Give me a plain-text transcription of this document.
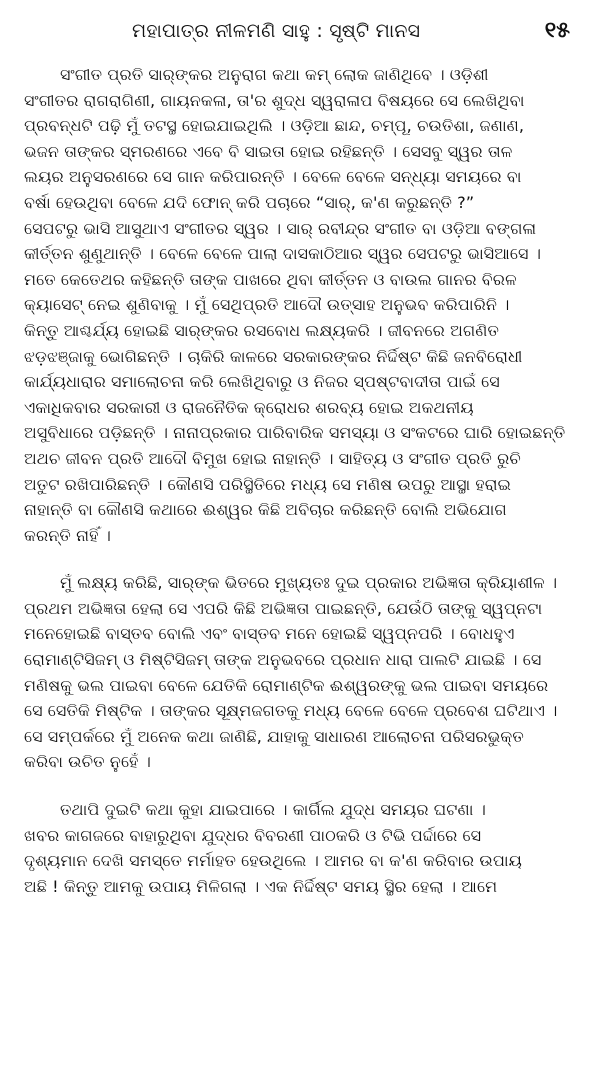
ମହାପାତ୍ର ନୀଳମଣି ସାହୁ : ସୃଷ୍ଟି ମାନସ	୧୫

ସଂଗୀତ ପ୍ରତି ସାର୍‌ଙ୍କର ଅନୁରାଗ କଥା କମ୍ ଲୋକ ଜାଣିଥିବେ । ଓଡ଼ିଶୀ
ସଂଗୀତର ରାଗରାଗିଣୀ, ଗାୟନକଳା, ତା'ର ଶୁଦ୍ଧ ସ୍ୱରାଳାପ ବିଷୟରେ ସେ ଲେଖିଥିବା
ପ୍ରବନ୍ଧଟି ପଢ଼ି ମୁଁ ତଟସ୍ଥ ହୋଇଯାଇଥିଲି । ଓଡ଼ିଆ ଛାନ୍ଦ, ଚମ୍ପୂ, ଚଉତିଶା, ଜଣାଣ,
ଭଜନ ତାଙ୍କର ସ୍ମରଣରେ ଏବେ ବି ସାଇତା ହୋଇ ରହିଛନ୍ତି । ସେସବୁ ସ୍ୱର ତାଳ
ଲୟର ଅନୁସରଣରେ ସେ ଗାନ କରିପାରନ୍ତି । ବେଳେ ବେଳେ ସନ୍ଧ୍ୟା ସମୟରେ ବା
ବର୍ଷା ହେଉଥିବା ବେଳେ ଯଦି ଫୋନ୍ କରି ପଚାରେ “ସାର୍, କ'ଣ କରୁଛନ୍ତି ?”
ସେପଟରୁ ଭାସି ଆସୁଥାଏ ସଂଗୀତର ସ୍ୱର । ସାର୍ ରବୀନ୍ଦ୍ର ସଂଗୀତ ବା ଓଡ଼ିଆ ବଙ୍ଗଳା
କୀର୍ତ୍ତନ ଶୁଣୁଥାନ୍ତି । ବେଳେ ବେଳେ ପାଲା ଦାସକାଠିଆର ସ୍ୱର ସେପଟରୁ ଭାସିଆସେ ।
ମତେ କେତେଥର କହିଛନ୍ତି ତାଙ୍କ ପାଖରେ ଥିବା କୀର୍ତ୍ତନ ଓ ବାଉଲ ଗାନର ବିରଳ
କ୍ୟାସେଟ୍ ନେଇ ଶୁଣିବାକୁ । ମୁଁ ସେଥିପ୍ରତି ଆଦୌ ଉତ୍ସାହ ଅନୁଭବ କରିପାରିନି ।
କିନ୍ତୁ ଆଶ୍ଚର୍ଯ୍ୟ ହୋଇଛି ସାର୍‌ଙ୍କର ରସବୋଧ ଲକ୍ଷ୍ୟକରି । ଜୀବନରେ ଅଗଣିତ
ଝଡ଼ଝଞ୍ଜାକୁ ଭୋଗିଛନ୍ତି । ଚାକିରି କାଳରେ ସରକାରଙ୍କର ନିର୍ଦ୍ଦିଷ୍ଟ କିଛି ଜନବିରୋଧୀ
କାର୍ଯ୍ୟଧାରାର ସମାଲୋଚନା କରି ଲେଖିଥିବାରୁ ଓ ନିଜର ସ୍ପଷ୍ଟବାଦୀତା ପାଇଁ ସେ
ଏକାଧିକବାର ସରକାରୀ ଓ ରାଜନୈତିକ କ୍ରୋଧର ଶରବ୍ୟ ହୋଇ ଅକଥନୀୟ
ଅସୁବିଧାରେ ପଡ଼ିଛନ୍ତି । ନାନାପ୍ରକାର ପାରିବାରିକ ସମସ୍ୟା ଓ ସଂକଟରେ ଘାରି ହୋଇଛନ୍ତି
ଅଥଚ ଜୀବନ ପ୍ରତି ଆଦୌ ବିମୁଖ ହୋଇ ନାହାନ୍ତି । ସାହିତ୍ୟ ଓ ସଂଗୀତ ପ୍ରତି ରୁଚି
ଅତୁଟ ରଖିପାରିଛନ୍ତି । କୌଣସି ପରିସ୍ଥିତିରେ ମଧ୍ୟ ସେ ମଣିଷ ଉପରୁ ଆସ୍ଥା ହରାଇ
ନାହାନ୍ତି ବା କୌଣସି କଥାରେ ଈଶ୍ୱର କିଛି ଅବିଚାର କରିଛନ୍ତି ବୋଲି ଅଭିଯୋଗ
କରନ୍ତି ନାହିଁ ।

ମୁଁ ଲକ୍ଷ୍ୟ କରିଛି, ସାର୍‌ଙ୍କ ଭିତରେ ମୁଖ୍ୟତଃ ଦୁଇ ପ୍ରକାର ଅଭିଜ୍ଞତା କ୍ରିୟାଶୀଳ ।
ପ୍ରଥମ ଅଭିଜ୍ଞତା ହେଲା ସେ ଏପରି କିଛି ଅଭିଜ୍ଞତା ପାଇଛନ୍ତି, ଯେଉଁଠି ତାଙ୍କୁ ସ୍ୱପ୍ନଟା
ମନେହୋଇଛି ବାସ୍ତବ ବୋଲି ଏବଂ ବାସ୍ତବ ମନେ ହୋଇଛି ସ୍ୱପ୍ନପରି । ବୋଧହୁଏ
ରୋମାଣ୍ଟିସିଜମ୍ ଓ ମିଷ୍ଟିସିଜମ୍ ତାଙ୍କ ଅନୁଭବରେ ପ୍ରଧାନ ଧାରା ପାଲଟି ଯାଇଛି । ସେ
ମଣିଷକୁ ଭଲ ପାଇବା ବେଳେ ଯେତିକି ରୋମାଣ୍ଟିକ ଈଶ୍ୱରଙ୍କୁ ଭଲ ପାଇବା ସମୟରେ
ସେ ସେତିକି ମିଷ୍ଟିକ । ତାଙ୍କର ସୂକ୍ଷ୍ମଜଗତକୁ ମଧ୍ୟ ବେଳେ ବେଳେ ପ୍ରବେଶ ଘଟିଥାଏ ।
ସେ ସମ୍ପର୍କରେ ମୁଁ ଅନେକ କଥା ଜାଣିଛି, ଯାହାକୁ ସାଧାରଣ ଆଲୋଚନା ପରିସରଭୁକ୍ତ
କରିବା ଉଚିତ ନୁହେଁ ।

ତଥାପି ଦୁଇଟି କଥା କୁହା ଯାଇପାରେ । କାର୍ଗିଲ ଯୁଦ୍ଧ ସମୟର ଘଟଣା ।
ଖବର କାଗଜରେ ବାହାରୁଥିବା ଯୁଦ୍ଧର ବିବରଣୀ ପାଠକରି ଓ ଟିଭି ପର୍ଦ୍ଦାରେ ସେ
ଦୃଶ୍ୟମାନ ଦେଖି ସମସ୍ତେ ମର୍ମାହତ ହେଉଥିଲେ । ଆମର ବା କ'ଣ କରିବାର ଉପାୟ
ଅଛି ! କିନ୍ତୁ ଆମକୁ ଉପାୟ ମିଳିଗଲା । ଏକ ନିର୍ଦ୍ଦିଷ୍ଟ ସମୟ ସ୍ଥିର ହେଲା । ଆମେ
